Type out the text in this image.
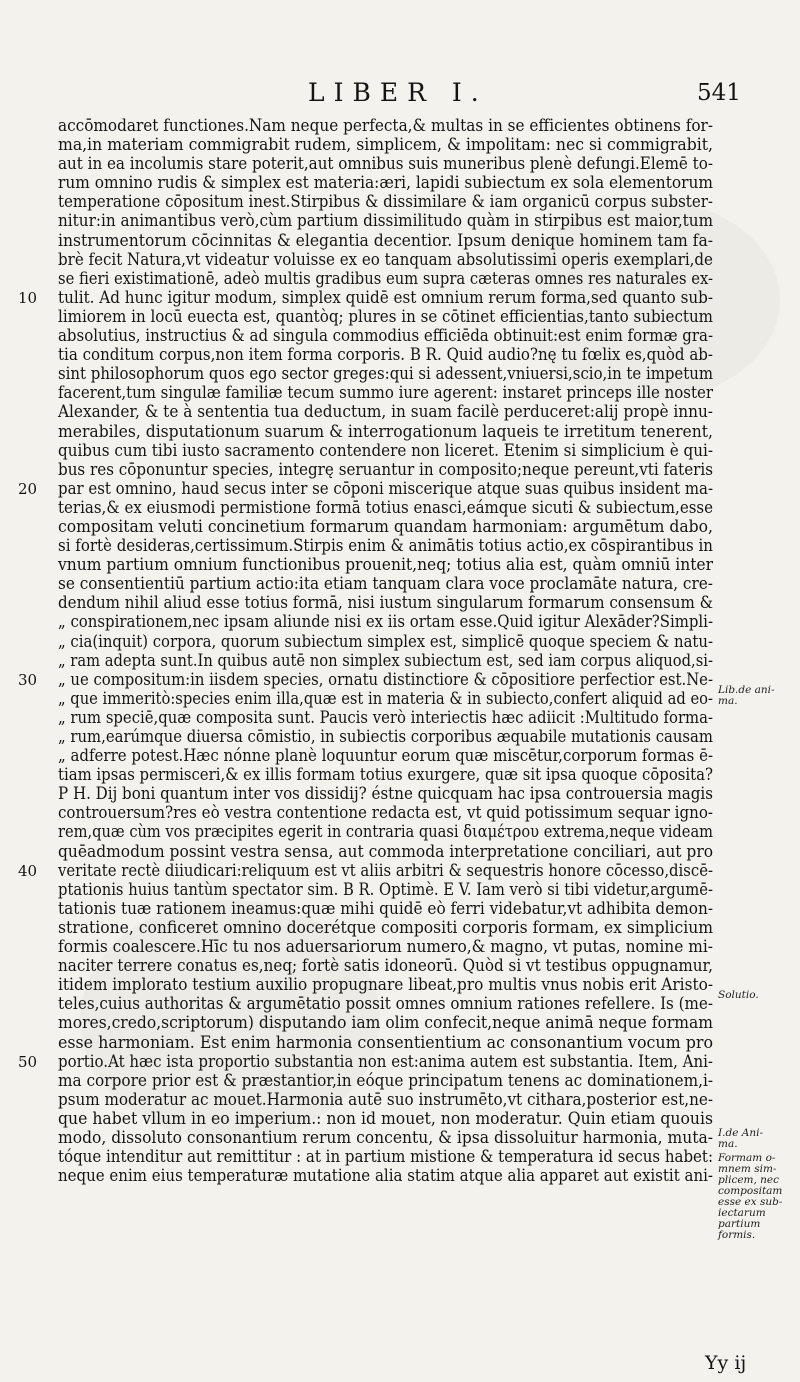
LIBER I.	541
accōmodaret functiones.Nam neque perfecta,& multas in se efficientes obtinens for-
ma,in materiam commigrabit rudem, simplicem, & impolitam: nec si commigrabit,
aut in ea incolumis stare poterit,aut omnibus suis muneribus plenè defungi.Elemē to-
rum omnino rudis & simplex est materia:æri, lapidi subiectum ex sola elementorum
temperatione cōpositum inest.Stirpibus & dissimilare & iam organicū corpus subster-
nitur:in animantibus verò,cùm partium dissimilitudo quàm in stirpibus est maior,tum
instrumentorum cōcinnitas & elegantia decentior. Ipsum denique hominem tam fa-
brè fecit Natura,vt videatur voluisse ex eo tanquam absolutissimi operis exemplari,de
se fieri existimationē, adeò multis gradibus eum supra cæteras omnes res naturales ex-
10	tulit. Ad hunc igitur modum, simplex quidē est omnium rerum forma,sed quanto sub-
limiorem in locū euecta est, quantòq; plures in se cōtinet efficientias,tanto subiectum
absolutius, instructius & ad singula commodius efficiēda obtinuit:est enim formæ gra-
tia conditum corpus,non item forma corporis. B R. Quid audio?nę tu fœlix es,quòd ab-
sint philosophorum quos ego sector greges:qui si adessent,vniuersi,scio,in te impetum
facerent,tum singulæ familiæ tecum summo iure agerent: instaret princeps ille noster
Alexander, & te à sententia tua deductum, in suam facilè perduceret:alij propè innu-
merabiles, disputationum suarum & interrogationum laqueis te irretitum tenerent,
quibus cum tibi iusto sacramento contendere non liceret. Etenim si simplicium è qui-
bus res cōponuntur species, integrę seruantur in composito;neque pereunt,vti fateris
20	par est omnino, haud secus inter se cōponi miscerique atque suas quibus insident ma-
terias,& ex eiusmodi permistione formā totius enasci,eámque sicuti & subiectum,esse
compositam veluti concinetium formarum quandam harmoniam: argumētum dabo,
si fortè desideras,certissimum.Stirpis enim & animātis totius actio,ex cōspirantibus in
vnum partium omnium functionibus prouenit,neq; totius alia est, quàm omniū inter
se consentientiū partium actio:ita etiam tanquam clara voce proclamāte natura, cre-
dendum nihil aliud esse totius formā, nisi iustum singularum formarum consensum &
„ conspirationem,nec ipsam aliunde nisi ex iis ortam esse.Quid igitur Alexāder?Simpli-
„ cia(inquit) corpora, quorum subiectum simplex est, simplicē quoque speciem & natu-
„ ram adepta sunt.In quibus autē non simplex subiectum est, sed iam corpus aliquod,si-
30	„ ue compositum:in iisdem species, ornatu distinctiore & cōpositiore perfectior est.Ne-
„ que immeritò:species enim illa,quæ est in materia & in subiecto,confert aliquid ad eo-
„ rum speciē,quæ composita sunt. Paucis verò interiectis hæc adiicit :Multitudo forma-
„ rum,earúmque diuersa cōmistio, in subiectis corporibus æquabile mutationis causam
„ adferre potest.Hæc nónne planè loquuntur eorum quæ miscētur,corporum formas ē-
tiam ipsas permisceri,& ex illis formam totius exurgere, quæ sit ipsa quoque cōposita?
P H. Dij boni quantum inter vos dissidij? éstne quicquam hac ipsa controuersia magis
controuersum?res eò vestra contentione redacta est, vt quid potissimum sequar igno-
rem,quæ cùm vos præcipites egerit in contraria quasi διαμέτρου extrema,neque videam
quēadmodum possint vestra sensa, aut commoda interpretatione conciliari, aut pro
40	veritate rectè diiudicari:reliquum est vt aliis arbitri & sequestris honore cōcesso,discē-
ptationis huius tantùm spectator sim. B R. Optimè. E V. Iam verò si tibi videtur,argumē-
tationis tuæ rationem ineamus:quæ mihi quidē eò ferri videbatur,vt adhibita demon-
stratione, conficeret omnino docerétque compositi corporis formam, ex simplicium
formis coalescere.Hīc tu nos aduersariorum numero,& magno, vt putas, nomine mi-
naciter terrere conatus es,neq; fortè satis idoneorū. Quòd si vt testibus oppugnamur,
itidem implorato testium auxilio propugnare libeat,pro multis vnus nobis erit Aristo-
teles,cuius authoritas & argumētatio possit omnes omnium rationes refellere. Is (me-
mores,credo,scriptorum) disputando iam olim confecit,neque animā neque formam
esse harmoniam. Est enim harmonia consentientium ac consonantium vocum pro
50	portio.At hæc ista proportio substantia non est:anima autem est substantia. Item, Ani-
ma corpore prior est & præstantior,in eóque principatum tenens ac dominationem,i-
psum moderatur ac mouet.Harmonia autē suo instrumēto,vt cithara,posterior est,ne-
que habet vllum in eo imperium.: non id mouet, non moderatur. Quin etiam quouis
modo, dissoluto consonantium rerum concentu, & ipsa dissoluitur harmonia, muta-
tóque intenditur aut remittitur : at in partium mistione & temperatura id secus habet:
neque enim eius temperaturæ mutatione alia statim atque alia apparet aut existit ani-
Lib.de ani- ma.
Solutio.
I.de Ani- ma.
Formam o- mnem sim- plicem, nec compositam esse ex sub- iectarum partium formis.
Yy ij
